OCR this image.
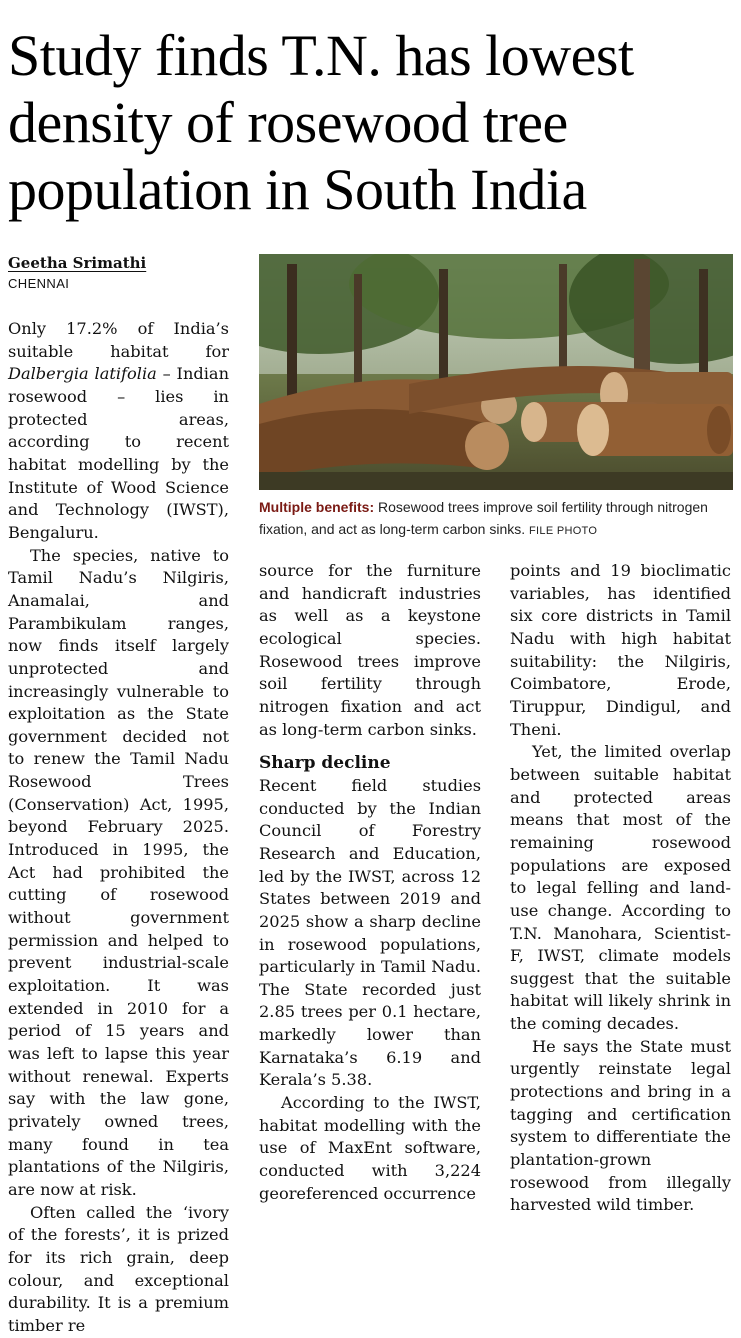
Study finds T.N. has lowest density of rosewood tree population in South India
Geetha Srimathi
CHENNAI

Only 17.2% of India’s suitable habitat for Dalbergia latifolia – Indian rosewood – lies in protected areas, according to recent habitat modelling by the Institute of Wood Science and Technology (IWST), Bengaluru.

The species, native to Tamil Nadu’s Nilgiris, Anamalai, and Parambikulam ranges, now finds itself largely unprotected and increasingly vulnerable to exploitation as the State government decided not to renew the Tamil Nadu Rosewood Trees (Conservation) Act, 1995, beyond February 2025. Introduced in 1995, the Act had prohibited the cutting of rosewood without government permission and helped to prevent industrial-scale exploitation. It was extended in 2010 for a period of 15 years and was left to lapse this year without renewal. Experts say with the law gone, privately owned trees, many found in tea plantations of the Nilgiris, are now at risk.

Often called the ‘ivory of the forests’, it is prized for its rich grain, deep colour, and exceptional durability. It is a premium timber re

Multiple benefits: Rosewood trees improve soil fertility through nitrogen fixation, and act as long-term carbon sinks. FILE PHOTO

source for the furniture and handicraft industries as well as a keystone ecological species. Rosewood trees improve soil fertility through nitrogen fixation and act as long-term carbon sinks.

Sharp decline

Recent field studies conducted by the Indian Council of Forestry Research and Education, led by the IWST, across 12 States between 2019 and 2025 show a sharp decline in rosewood populations, particularly in Tamil Nadu. The State recorded just 2.85 trees per 0.1 hectare, markedly lower than Karnataka’s 6.19 and Kerala’s 5.38.

According to the IWST, habitat modelling with the use of MaxEnt software, conducted with 3,224 georeferenced occurrence

points and 19 bioclimatic variables, has identified six core districts in Tamil Nadu with high habitat suitability: the Nilgiris, Coimbatore, Erode, Tiruppur, Dindigul, and Theni.

Yet, the limited overlap between suitable habitat and protected areas means that most of the remaining rosewood populations are exposed to legal felling and land-use change. According to T.N. Manohara, Scientist-F, IWST, climate models suggest that the suitable habitat will likely shrink in the coming decades.

He says the State must urgently reinstate legal protections and bring in a tagging and certification system to differentiate the plantation-grown rosewood from illegally harvested wild timber.
